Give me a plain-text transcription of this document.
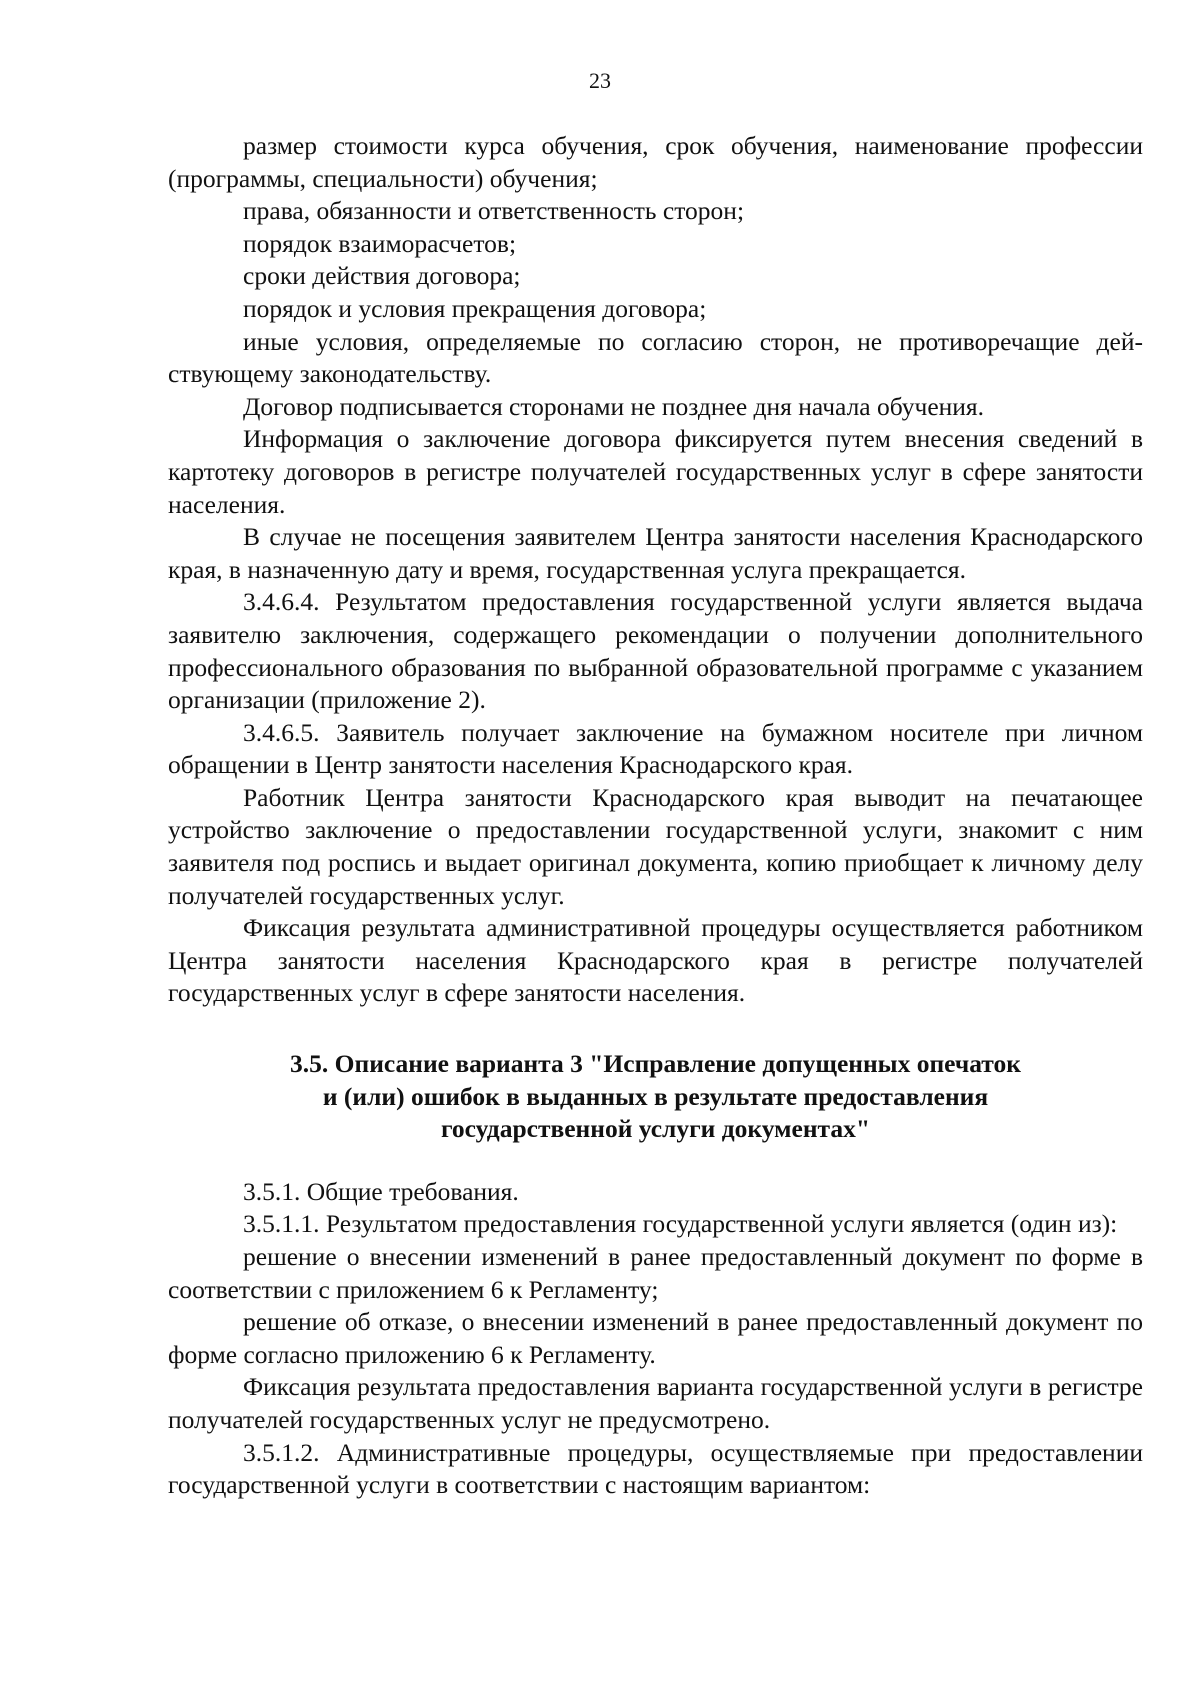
23

размер стоимости курса обучения, срок обучения, наименование профессии (программы, специальности) обучения;

права, обязанности и ответственность сторон;

порядок взаиморасчетов;

сроки действия договора;

порядок и условия прекращения договора;

иные условия, определяемые по согласию сторон, не противоречащие действующему законодательству.

Договор подписывается сторонами не позднее дня начала обучения.

Информация о заключение договора фиксируется путем внесения сведений в картотеку договоров в регистре получателей государственных услуг в сфере занятости населения.

В случае не посещения заявителем Центра занятости населения Краснодарского края, в назначенную дату и время, государственная услуга прекращается.

3.4.6.4. Результатом предоставления государственной услуги является выдача заявителю заключения, содержащего рекомендации о получении дополнительного профессионального образования по выбранной образовательной программе с указанием организации (приложение 2).

3.4.6.5. Заявитель получает заключение на бумажном носителе при личном обращении в Центр занятости населения Краснодарского края.

Работник Центра занятости Краснодарского края выводит на печатающее устройство заключение о предоставлении государственной услуги, знакомит с ним заявителя под роспись и выдает оригинал документа, копию приобщает к личному делу получателей государственных услуг.

Фиксация результата административной процедуры осуществляется работником Центра занятости населения Краснодарского края в регистре получателей государственных услуг в сфере занятости населения.

3.5. Описание варианта 3 "Исправление допущенных опечаток
и (или) ошибок в выданных в результате предоставления
государственной услуги документах"

3.5.1. Общие требования.

3.5.1.1. Результатом предоставления государственной услуги является (один из):

решение о внесении изменений в ранее предоставленный документ по форме в соответствии с приложением 6 к Регламенту;

решение об отказе, о внесении изменений в ранее предоставленный документ по форме согласно приложению 6 к Регламенту.

Фиксация результата предоставления варианта государственной услуги в регистре получателей государственных услуг не предусмотрено.

3.5.1.2. Административные процедуры, осуществляемые при предоставлении государственной услуги в соответствии с настоящим вариантом:
